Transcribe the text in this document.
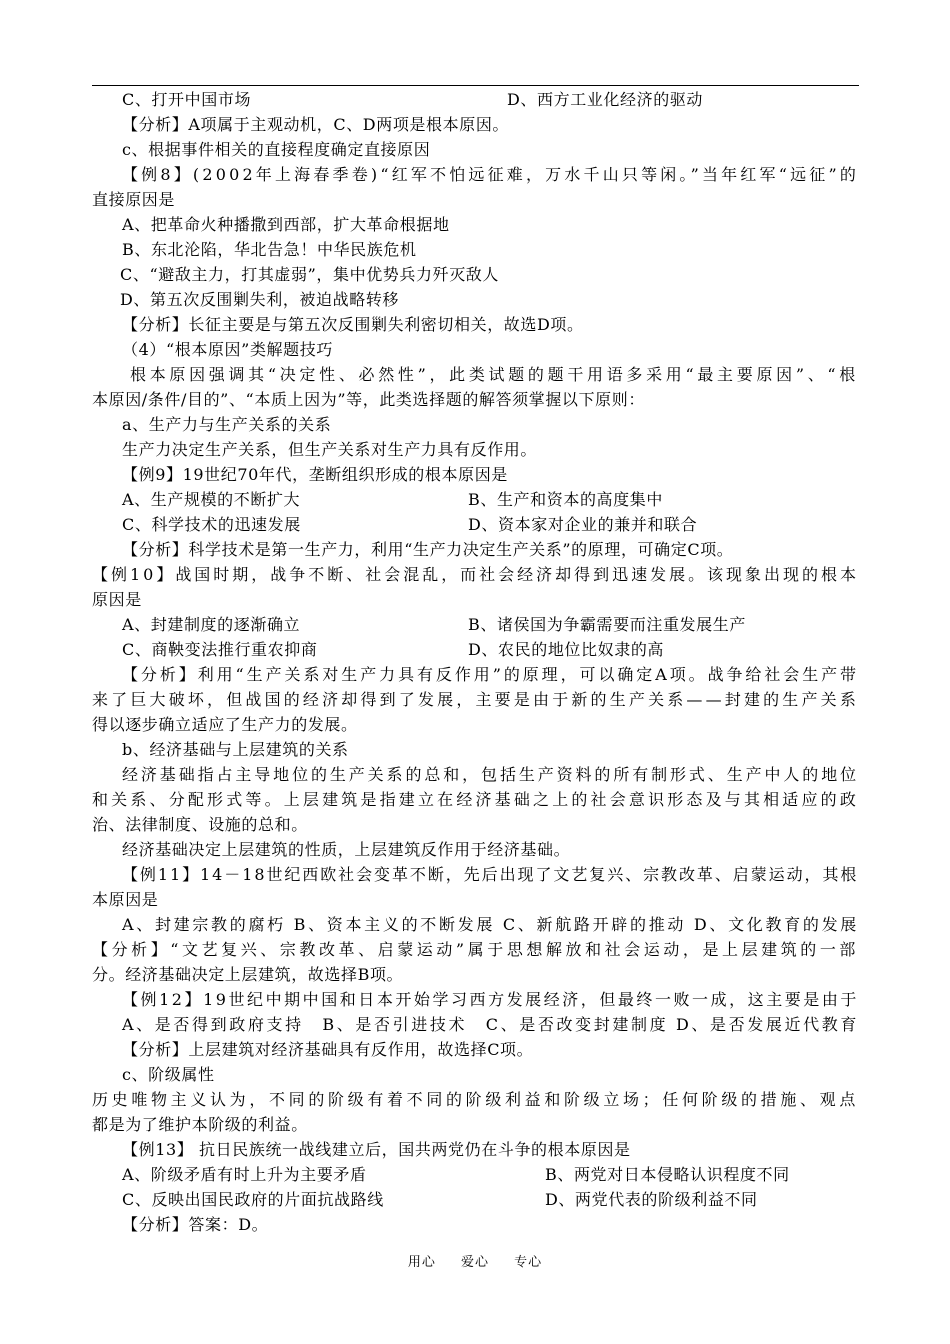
C、打开中国市场	D、西方工业化经济的驱动
【分析】A项属于主观动机，C、D两项是根本原因。
c、根据事件相关的直接程度确定直接原因
【例8】(2002年上海春季卷)“红军不怕远征难，万水千山只等闲。”当年红军“远征”的
直接原因是
A、把革命火种播撒到西部，扩大革命根据地
B、东北沦陷，华北告急！中华民族危机
C、“避敌主力，打其虚弱”，集中优势兵力歼灭敌人
D、第五次反围剿失利，被迫战略转移
【分析】长征主要是与第五次反围剿失利密切相关，故选D项。
（4）“根本原因”类解题技巧
根本原因强调其“决定性、必然性”，此类试题的题干用语多采用“最主要原因”、“根
本原因/条件/目的”、“本质上因为”等，此类选择题的解答须掌握以下原则：
a、生产力与生产关系的关系
生产力决定生产关系，但生产关系对生产力具有反作用。
【例9】19世纪70年代，垄断组织形成的根本原因是
A、生产规模的不断扩大	B、生产和资本的高度集中
C、科学技术的迅速发展	D、资本家对企业的兼并和联合
【分析】科学技术是第一生产力，利用“生产力决定生产关系”的原理，可确定C项。
【例10】战国时期，战争不断、社会混乱，而社会经济却得到迅速发展。该现象出现的根本
原因是
A、封建制度的逐渐确立	B、诸侯国为争霸需要而注重发展生产
C、商鞅变法推行重农抑商	D、农民的地位比奴隶的高
【分析】利用“生产关系对生产力具有反作用”的原理，可以确定A项。战争给社会生产带
来了巨大破坏，但战国的经济却得到了发展，主要是由于新的生产关系——封建的生产关系
得以逐步确立适应了生产力的发展。
b、经济基础与上层建筑的关系
经济基础指占主导地位的生产关系的总和，包括生产资料的所有制形式、生产中人的地位
和关系、分配形式等。上层建筑是指建立在经济基础之上的社会意识形态及与其相适应的政
治、法律制度、设施的总和。
经济基础决定上层建筑的性质，上层建筑反作用于经济基础。
【例11】14－18世纪西欧社会变革不断，先后出现了文艺复兴、宗教改革、启蒙运动，其根
本原因是
A、封建宗教的腐朽 B、资本主义的不断发展 C、新航路开辟的推动 D、文化教育的发展
【分析】“文艺复兴、宗教改革、启蒙运动”属于思想解放和社会运动，是上层建筑的一部
分。经济基础决定上层建筑，故选择B项。
【例12】19世纪中期中国和日本开始学习西方发展经济，但最终一败一成，这主要是由于
A、是否得到政府支持　B、是否引进技术　C、是否改变封建制度 D、是否发展近代教育
【分析】上层建筑对经济基础具有反作用，故选择C项。
c、阶级属性
历史唯物主义认为，不同的阶级有着不同的阶级利益和阶级立场；任何阶级的措施、观点
都是为了维护本阶级的利益。
【例13】 抗日民族统一战线建立后，国共两党仍在斗争的根本原因是
A、阶级矛盾有时上升为主要矛盾	B、两党对日本侵略认识程度不同
C、反映出国民政府的片面抗战路线	D、两党代表的阶级利益不同
【分析】答案：D。
用心 爱心 专心
